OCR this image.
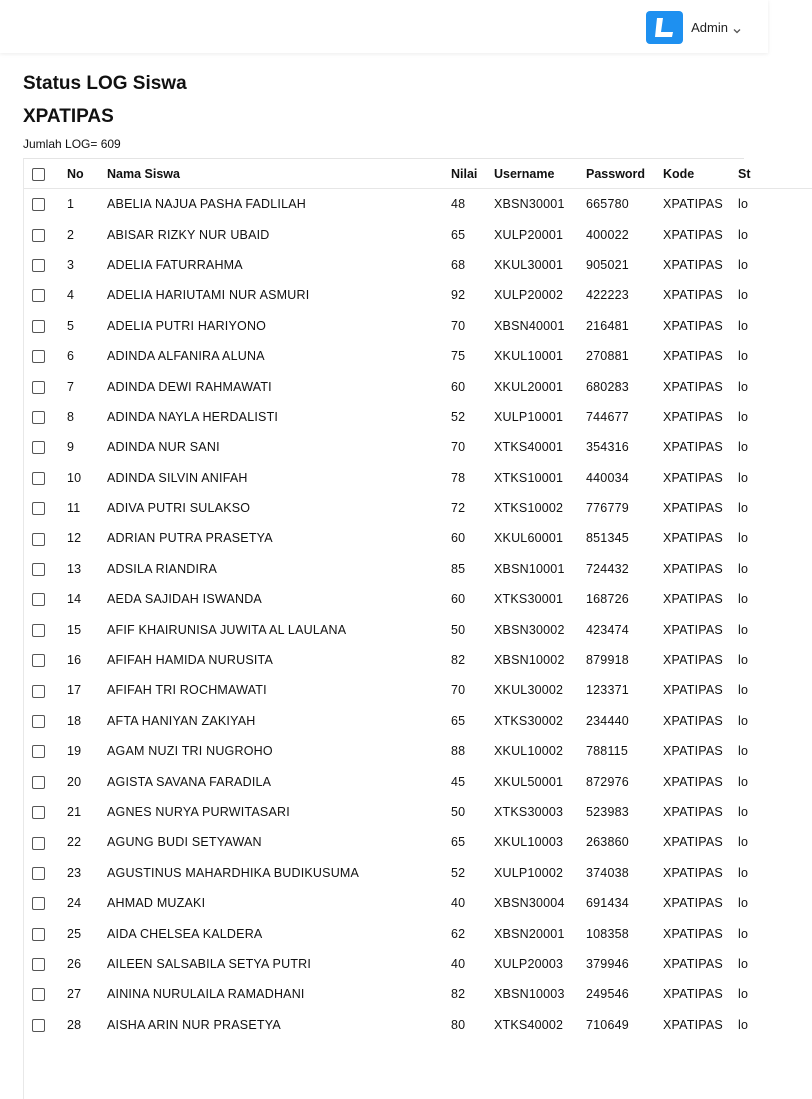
Admin
Status LOG Siswa
XPATIPAS
Jumlah LOG= 609
	No	Nama Siswa	Nilai	Username	Password	Kode	St
	1	ABELIA NAJUA PASHA FADLILAH	48	XBSN30001	665780	XPATIPAS	lo
	2	ABISAR RIZKY NUR UBAID	65	XULP20001	400022	XPATIPAS	lo
	3	ADELIA FATURRAHMA	68	XKUL30001	905021	XPATIPAS	lo
	4	ADELIA HARIUTAMI NUR ASMURI	92	XULP20002	422223	XPATIPAS	lo
	5	ADELIA PUTRI HARIYONO	70	XBSN40001	216481	XPATIPAS	lo
	6	ADINDA ALFANIRA ALUNA	75	XKUL10001	270881	XPATIPAS	lo
	7	ADINDA DEWI RAHMAWATI	60	XKUL20001	680283	XPATIPAS	lo
	8	ADINDA NAYLA HERDALISTI	52	XULP10001	744677	XPATIPAS	lo
	9	ADINDA NUR SANI	70	XTKS40001	354316	XPATIPAS	lo
	10	ADINDA SILVIN ANIFAH	78	XTKS10001	440034	XPATIPAS	lo
	11	ADIVA PUTRI SULAKSO	72	XTKS10002	776779	XPATIPAS	lo
	12	ADRIAN PUTRA PRASETYA	60	XKUL60001	851345	XPATIPAS	lo
	13	ADSILA RIANDIRA	85	XBSN10001	724432	XPATIPAS	lo
	14	AEDA SAJIDAH ISWANDA	60	XTKS30001	168726	XPATIPAS	lo
	15	AFIF KHAIRUNISA JUWITA AL LAULANA	50	XBSN30002	423474	XPATIPAS	lo
	16	AFIFAH HAMIDA NURUSITA	82	XBSN10002	879918	XPATIPAS	lo
	17	AFIFAH TRI ROCHMAWATI	70	XKUL30002	123371	XPATIPAS	lo
	18	AFTA HANIYAN ZAKIYAH	65	XTKS30002	234440	XPATIPAS	lo
	19	AGAM NUZI TRI NUGROHO	88	XKUL10002	788115	XPATIPAS	lo
	20	AGISTA SAVANA FARADILA	45	XKUL50001	872976	XPATIPAS	lo
	21	AGNES NURYA PURWITASARI	50	XTKS30003	523983	XPATIPAS	lo
	22	AGUNG BUDI SETYAWAN	65	XKUL10003	263860	XPATIPAS	lo
	23	AGUSTINUS MAHARDHIKA BUDIKUSUMA	52	XULP10002	374038	XPATIPAS	lo
	24	AHMAD MUZAKI	40	XBSN30004	691434	XPATIPAS	lo
	25	AIDA CHELSEA KALDERA	62	XBSN20001	108358	XPATIPAS	lo
	26	AILEEN SALSABILA SETYA PUTRI	40	XULP20003	379946	XPATIPAS	lo
	27	AININA NURULAILA RAMADHANI	82	XBSN10003	249546	XPATIPAS	lo
	28	AISHA ARIN NUR PRASETYA	80	XTKS40002	710649	XPATIPAS	lo
